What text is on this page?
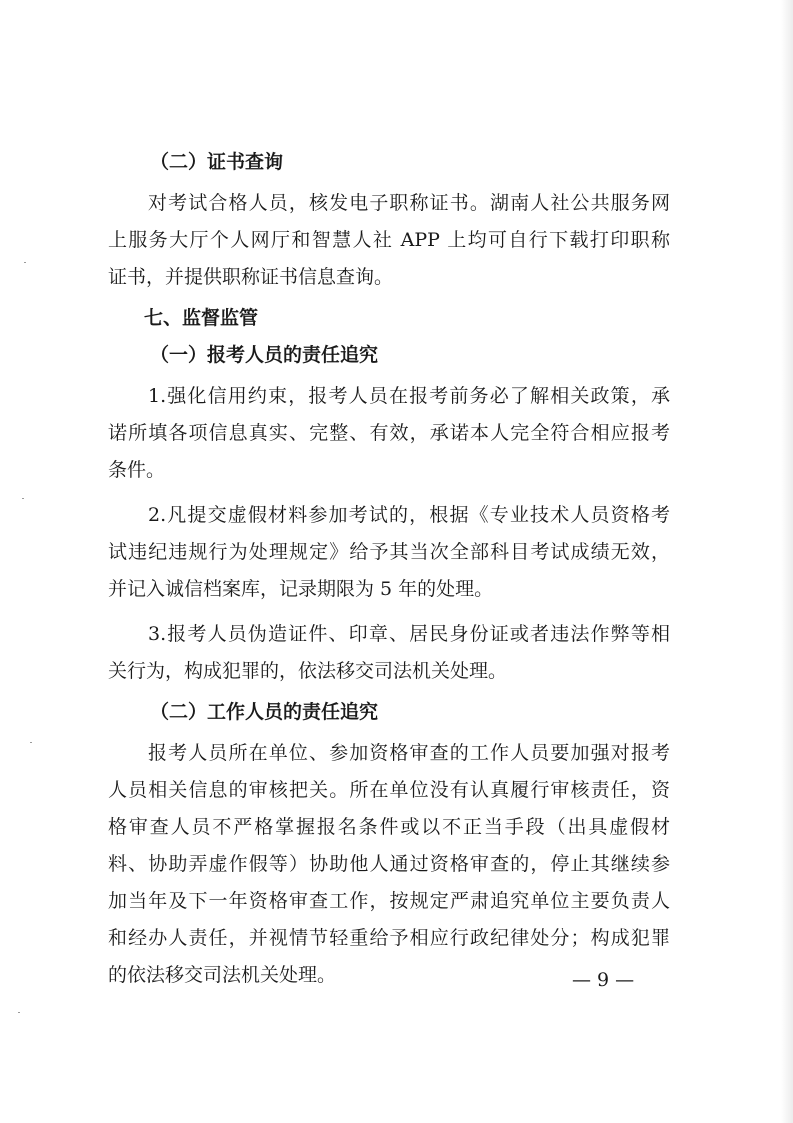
（二）证书查询
对考试合格人员，核发电子职称证书。湖南人社公共服务网
上服务大厅个人网厅和智慧人社 APP 上均可自行下载打印职称
证书，并提供职称证书信息查询。
七、监督监管
（一）报考人员的责任追究
1.强化信用约束，报考人员在报考前务必了解相关政策，承
诺所填各项信息真实、完整、有效，承诺本人完全符合相应报考
条件。
2.凡提交虚假材料参加考试的，根据《专业技术人员资格考
试违纪违规行为处理规定》给予其当次全部科目考试成绩无效，
并记入诚信档案库，记录期限为 5 年的处理。
3.报考人员伪造证件、印章、居民身份证或者违法作弊等相
关行为，构成犯罪的，依法移交司法机关处理。
（二）工作人员的责任追究
报考人员所在单位、参加资格审查的工作人员要加强对报考
人员相关信息的审核把关。所在单位没有认真履行审核责任，资
格审查人员不严格掌握报名条件或以不正当手段（出具虚假材
料、协助弄虚作假等）协助他人通过资格审查的，停止其继续参
加当年及下一年资格审查工作，按规定严肃追究单位主要负责人
和经办人责任，并视情节轻重给予相应行政纪律处分；构成犯罪
的依法移交司法机关处理。	— 9 —
